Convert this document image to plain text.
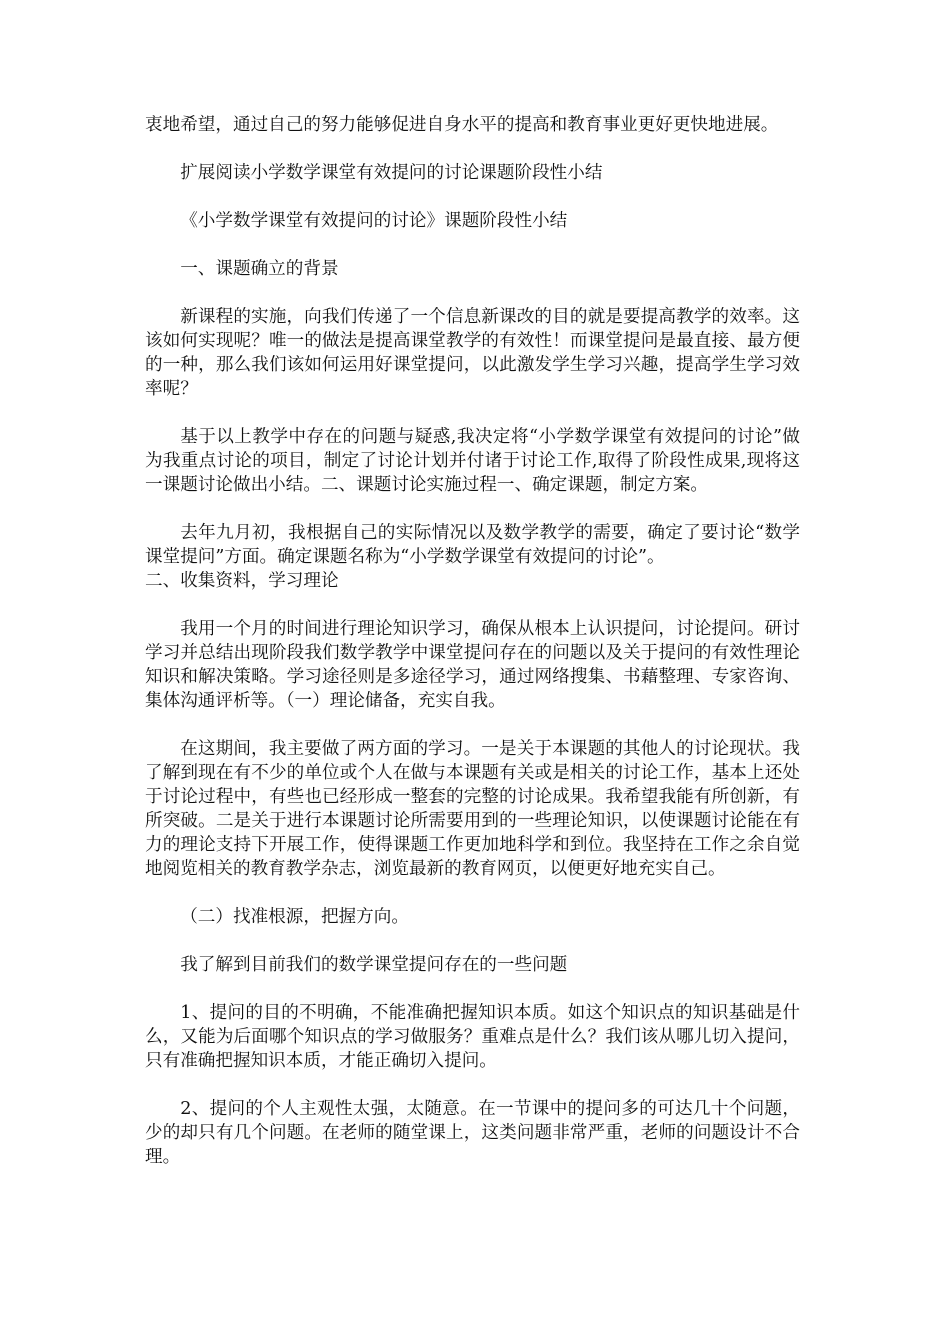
衷地希望，通过自己的努力能够促进自身水平的提高和教育事业更好更快地进展。

扩展阅读小学数学课堂有效提问的讨论课题阶段性小结

《小学数学课堂有效提问的讨论》课题阶段性小结

一、课题确立的背景

新课程的实施，向我们传递了一个信息新课改的目的就是要提高教学的效率。这该如何实现呢？唯一的做法是提高课堂教学的有效性！而课堂提问是最直接、最方便的一种，那么我们该如何运用好课堂提问，以此激发学生学习兴趣，提高学生学习效率呢？

基于以上教学中存在的问题与疑惑,我决定将“小学数学课堂有效提问的讨论”做为我重点讨论的项目，制定了讨论计划并付诸于讨论工作,取得了阶段性成果,现将这一课题讨论做出小结。二、课题讨论实施过程一、确定课题，制定方案。

去年九月初，我根据自己的实际情况以及数学教学的需要，确定了要讨论“数学课堂提问”方面。确定课题名称为“小学数学课堂有效提问的讨论”。
二、收集资料，学习理论

我用一个月的时间进行理论知识学习，确保从根本上认识提问，讨论提问。研讨学习并总结出现阶段我们数学教学中课堂提问存在的问题以及关于提问的有效性理论知识和解决策略。学习途径则是多途径学习，通过网络搜集、书藉整理、专家咨询、集体沟通评析等。（一）理论储备，充实自我。

在这期间，我主要做了两方面的学习。一是关于本课题的其他人的讨论现状。我了解到现在有不少的单位或个人在做与本课题有关或是相关的讨论工作，基本上还处于讨论过程中，有些也已经形成一整套的完整的讨论成果。我希望我能有所创新，有所突破。二是关于进行本课题讨论所需要用到的一些理论知识，以使课题讨论能在有力的理论支持下开展工作，使得课题工作更加地科学和到位。我坚持在工作之余自觉地阅览相关的教育教学杂志，浏览最新的教育网页，以便更好地充实自己。

（二）找准根源，把握方向。

我了解到目前我们的数学课堂提问存在的一些问题

1、提问的目的不明确，不能准确把握知识本质。如这个知识点的知识基础是什么，又能为后面哪个知识点的学习做服务？重难点是什么？我们该从哪儿切入提问，只有准确把握知识本质，才能正确切入提问。

2、提问的个人主观性太强，太随意。在一节课中的提问多的可达几十个问题，少的却只有几个问题。在老师的随堂课上，这类问题非常严重，老师的问题设计不合理。
